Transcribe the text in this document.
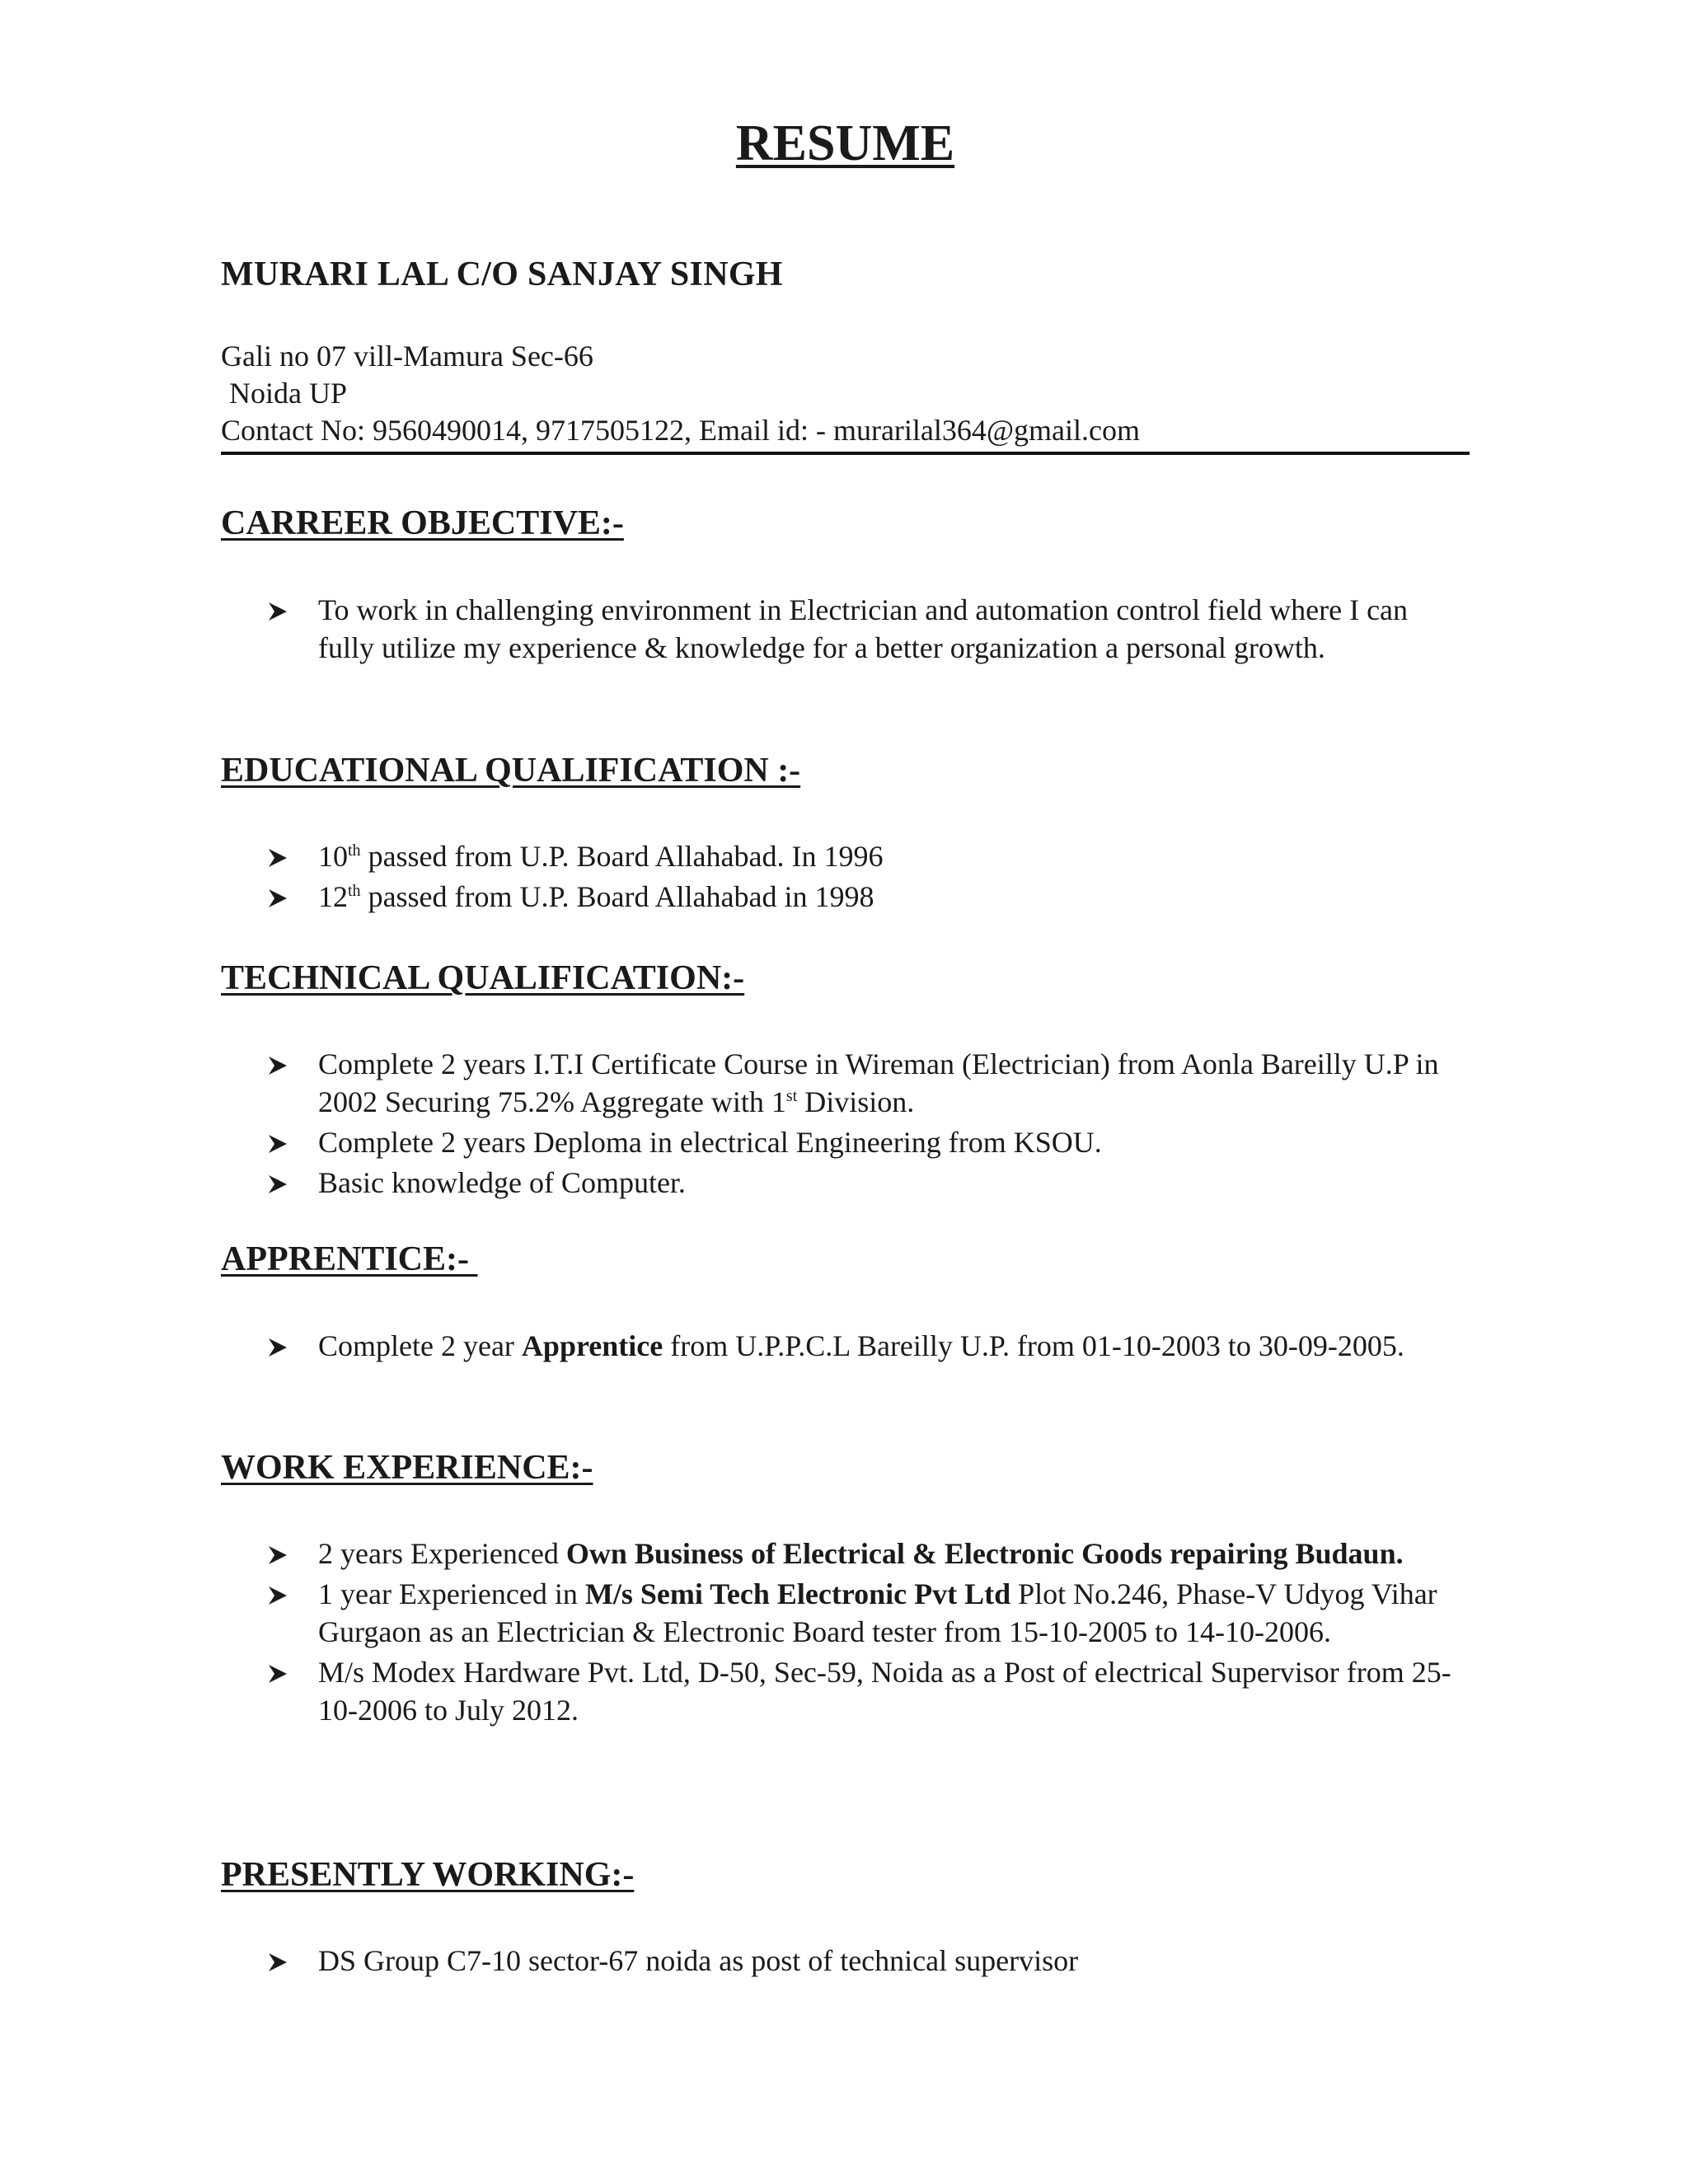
RESUME
MURARI LAL C/O SANJAY SINGH
Gali no 07 vill-Mamura Sec-66
Noida UP
Contact No: 9560490014, 9717505122, Email id: - murarilal364@gmail.com
CARREER OBJECTIVE:-
To work in challenging environment in Electrician and automation control field where I can fully utilize my experience & knowledge for a better organization a personal growth.
EDUCATIONAL QUALIFICATION :-
10th passed from U.P. Board Allahabad. In 1996
12th passed from U.P. Board Allahabad in 1998
TECHNICAL QUALIFICATION:-
Complete 2 years I.T.I Certificate Course in Wireman (Electrician) from Aonla Bareilly U.P in 2002 Securing 75.2% Aggregate with 1st Division.
Complete 2 years Deploma in electrical Engineering from KSOU.
Basic knowledge of Computer.
APPRENTICE:-
Complete 2 year Apprentice from U.P.P.C.L Bareilly U.P. from 01-10-2003 to 30-09-2005.
WORK EXPERIENCE:-
2 years Experienced Own Business of Electrical & Electronic Goods repairing Budaun.
1 year Experienced in M/s Semi Tech Electronic Pvt Ltd Plot No.246, Phase-V Udyog Vihar Gurgaon as an Electrician & Electronic Board tester from 15-10-2005 to 14-10-2006.
M/s Modex Hardware Pvt. Ltd, D-50, Sec-59, Noida as a Post of electrical Supervisor from 25-10-2006 to July 2012.
PRESENTLY WORKING:-
DS Group C7-10 sector-67 noida as post of technical supervisor
